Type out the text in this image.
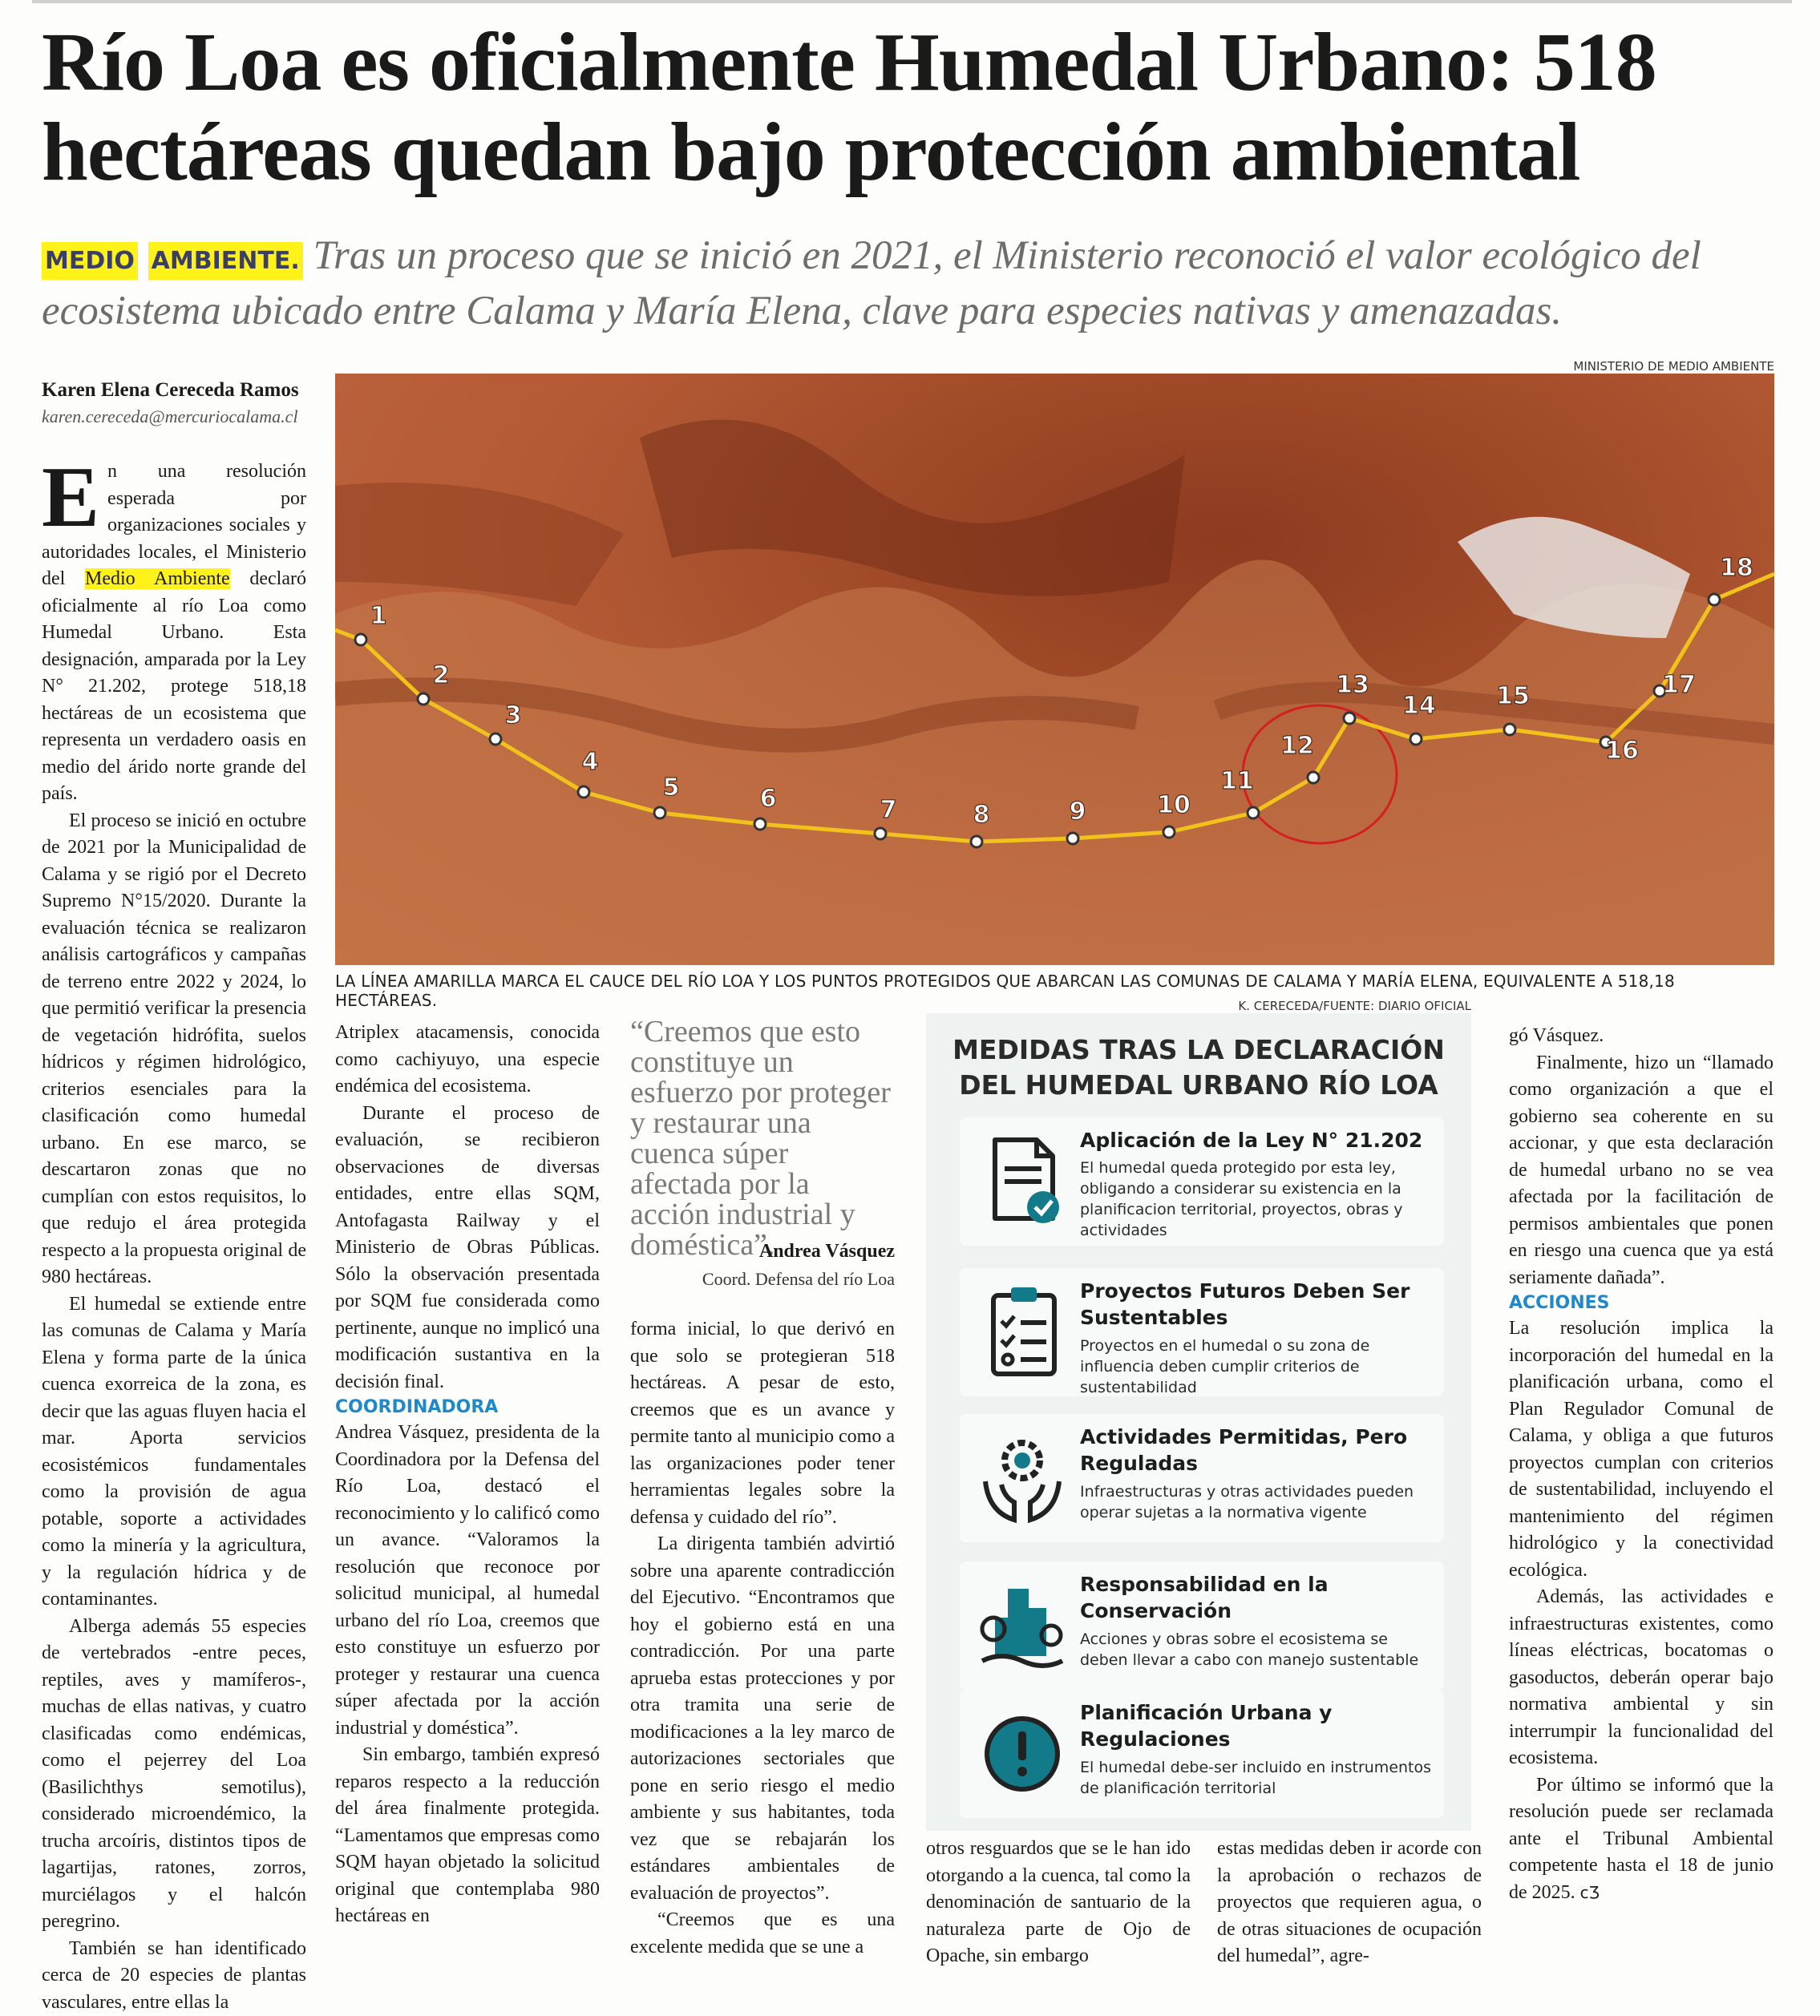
Río Loa es oficialmente Humedal Urbano: 518 hectáreas quedan bajo protección ambiental
MEDIO AMBIENTE. Tras un proceso que se inició en 2021, el Ministerio reconoció el valor ecológico del ecosistema ubicado entre Calama y María Elena, clave para especies nativas y amenazadas.
Karen Elena Cereceda Ramos
karen.cereceda@mercuriocalama.cl

En una resolución esperada por organizaciones sociales y autoridades locales, el Ministerio del Medio Ambiente declaró oficialmente al río Loa como Humedal Urbano. Esta designación, amparada por la Ley N° 21.202, protege 518,18 hectáreas de un ecosistema que representa un verdadero oasis en medio del árido norte grande del país.

El proceso se inició en octubre de 2021 por la Municipalidad de Calama y se rigió por el Decreto Supremo N°15/2020. Durante la evaluación técnica se realizaron análisis cartográficos y campañas de terreno entre 2022 y 2024, lo que permitió verificar la presencia de vegetación hidrófita, suelos hídricos y régimen hidrológico, criterios esenciales para la clasificación como humedal urbano. En ese marco, se descartaron zonas que no cumplían con estos requisitos, lo que redujo el área protegida respecto a la propuesta original de 980 hectáreas.

El humedal se extiende entre las comunas de Calama y María Elena y forma parte de la única cuenca exorreica de la zona, es decir que las aguas fluyen hacia el mar. Aporta servicios ecosistémicos fundamentales como la provisión de agua potable, soporte a actividades como la minería y la agricultura, y la regulación hídrica y de contaminantes.

Alberga además 55 especies de vertebrados -entre peces, reptiles, aves y mamíferos-, muchas de ellas nativas, y cuatro clasificadas como endémicas, como el pejerrey del Loa (Basilichthys semotilus), considerado microendémico, la trucha arcoíris, distintos tipos de lagartijas, ratones, zorros, murciélagos y el halcón peregrino.

También se han identificado cerca de 20 especies de plantas vasculares, entre ellas la

MINISTERIO DE MEDIO AMBIENTE
1
2
3
4
5	6	7	8	9	10
11
12
13
14	15
16
17
18
LA LÍNEA AMARILLA MARCA EL CAUCE DEL RÍO LOA Y LOS PUNTOS PROTEGIDOS QUE ABARCAN LAS COMUNAS DE CALAMA Y MARÍA ELENA, EQUIVALENTE A 518,18 HECTÁREAS.

Atriplex atacamensis, conocida como cachiyuyo, una especie endémica del ecosistema.

Durante el proceso de evaluación, se recibieron observaciones de diversas entidades, entre ellas SQM, Antofagasta Railway y el Ministerio de Obras Públicas. Sólo la observación presentada por SQM fue considerada como pertinente, aunque no implicó una modificación sustantiva en la decisión final.

COORDINADORA

Andrea Vásquez, presidenta de la Coordinadora por la Defensa del Río Loa, destacó el reconocimiento y lo calificó como un avance. “Valoramos la resolución que reconoce por solicitud municipal, al humedal urbano del río Loa, creemos que esto constituye un esfuerzo por proteger y restaurar una cuenca súper afectada por la acción industrial y doméstica”.

Sin embargo, también expresó reparos respecto a la reducción del área finalmente protegida. “Lamentamos que empresas como SQM hayan objetado la solicitud original que contemplaba 980 hectáreas en

“Creemos que esto constituye un esfuerzo por proteger y restaurar una cuenca súper afectada por la acción industrial y doméstica”.
Andrea Vásquez
Coord. Defensa del río Loa

forma inicial, lo que derivó en que solo se protegieran 518 hectáreas. A pesar de esto, creemos que es un avance y permite tanto al municipio como a las organizaciones poder tener herramientas legales sobre la defensa y cuidado del río”.

La dirigenta también advirtió sobre una aparente contradicción del Ejecutivo. “Encontramos que hoy el gobierno está en una contradicción. Por una parte aprueba estas protecciones y por otra tramita una serie de modificaciones a la ley marco de autorizaciones sectoriales que pone en serio riesgo el medio ambiente y sus habitantes, toda vez que se rebajarán los estándares ambientales de evaluación de proyectos”.

“Creemos que es una excelente medida que se une a

K. CERECEDA/FUENTE: DIARIO OFICIAL
MEDIDAS TRAS LA DECLARACIÓN DEL HUMEDAL URBANO RÍO LOA
Aplicación de la Ley N° 21.202
El humedal queda protegido por esta ley, obligando a considerar su existencia en la planificacion territorial, proyectos, obras y actividades
Proyectos Futuros Deben Ser Sustentables
Proyectos en el humedal o su zona de influencia deben cumplir criterios de sustentabilidad
Actividades Permitidas, Pero Reguladas
Infraestructuras y otras actividades pueden operar sujetas a la normativa vigente
Responsabilidad en la Conservación
Acciones y obras sobre el ecosistema se deben llevar a cabo con manejo sustentable
Planificación Urbana y Regulaciones
El humedal debe-ser incluido en instrumentos de planificación territorial

otros resguardos que se le han ido otorgando a la cuenca, tal como la denominación de santuario de la naturaleza parte de Ojo de Opache, sin embargo

estas medidas deben ir acorde con la aprobación o rechazos de proyectos que requieren agua, o de otras situaciones de ocupación del humedal”, agre-

gó Vásquez.

Finalmente, hizo un “llamado como organización a que el gobierno sea coherente en su accionar, y que esta declaración de humedal urbano no se vea afectada por la facilitación de permisos ambientales que ponen en riesgo una cuenca que ya está seriamente dañada”.

ACCIONES

La resolución implica la incorporación del humedal en la planificación urbana, como el Plan Regulador Comunal de Calama, y obliga a que futuros proyectos cumplan con criterios de sustentabilidad, incluyendo el mantenimiento del régimen hidrológico y la conectividad ecológica.

Además, las actividades e infraestructuras existentes, como líneas eléctricas, bocatomas o gasoductos, deberán operar bajo normativa ambiental y sin interrumpir la funcionalidad del ecosistema.

Por último se informó que la resolución puede ser reclamada ante el Tribunal Ambiental competente hasta el 18 de junio de 2025. ᴄƷ
